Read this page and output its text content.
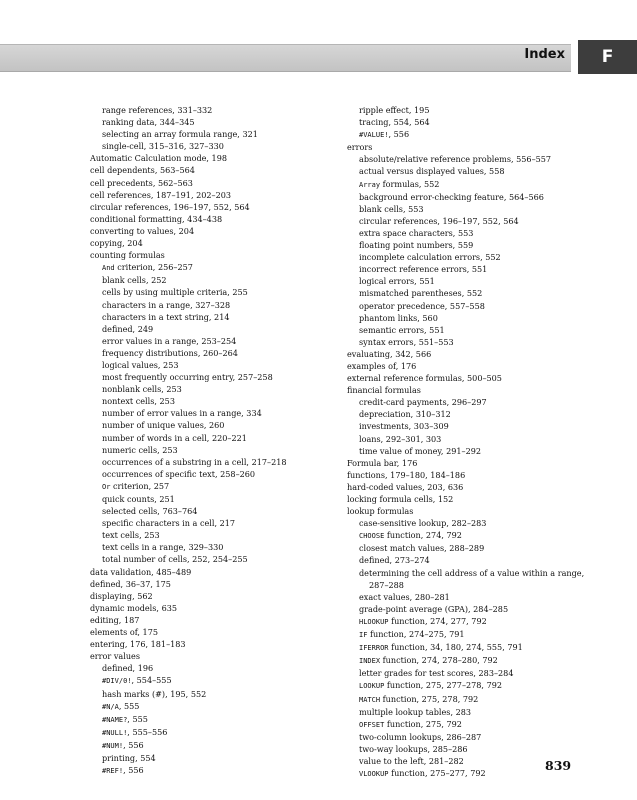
Index F
range references, 331–332
ranking data, 344–345
selecting an array formula range, 321
single-cell, 315–316, 327–330
Automatic Calculation mode, 198
cell dependents, 563–564
cell precedents, 562–563
cell references, 187–191, 202–203
circular references, 196–197, 552, 564
conditional formatting, 434–438
converting to values, 204
copying, 204
counting formulas
And criterion, 256–257
blank cells, 252
cells by using multiple criteria, 255
characters in a range, 327–328
characters in a text string, 214
defined, 249
error values in a range, 253–254
frequency distributions, 260–264
logical values, 253
most frequently occurring entry, 257–258
nonblank cells, 253
nontext cells, 253
number of error values in a range, 334
number of unique values, 260
number of words in a cell, 220–221
numeric cells, 253
occurrences of a substring in a cell, 217–218
occurrences of specific text, 258–260
Or criterion, 257
quick counts, 251
selected cells, 763–764
specific characters in a cell, 217
text cells, 253
text cells in a range, 329–330
total number of cells, 252, 254–255
data validation, 485–489
defined, 36–37, 175
displaying, 562
dynamic models, 635
editing, 187
elements of, 175
entering, 176, 181–183
error values
defined, 196
#DIV/0!, 554–555
hash marks (#), 195, 552
#N/A, 555
#NAME?, 555
#NULL!, 555–556
#NUM!, 556
printing, 554
#REF!, 556
ripple effect, 195
tracing, 554, 564
#VALUE!, 556
errors
absolute/relative reference problems, 556–557
actual versus displayed values, 558
Array formulas, 552
background error-checking feature, 564–566
blank cells, 553
circular references, 196–197, 552, 564
extra space characters, 553
floating point numbers, 559
incomplete calculation errors, 552
incorrect reference errors, 551
logical errors, 551
mismatched parentheses, 552
operator precedence, 557–558
phantom links, 560
semantic errors, 551
syntax errors, 551–553
evaluating, 342, 566
examples of, 176
external reference formulas, 500–505
financial formulas
credit-card payments, 296–297
depreciation, 310–312
investments, 303–309
loans, 292–301, 303
time value of money, 291–292
Formula bar, 176
functions, 179–180, 184–186
hard-coded values, 203, 636
locking formula cells, 152
lookup formulas
case-sensitive lookup, 282–283
CHOOSE function, 274, 792
closest match values, 288–289
defined, 273–274
determining the cell address of a value within a range,
287–288
exact values, 280–281
grade-point average (GPA), 284–285
HLOOKUP function, 274, 277, 792
IF function, 274–275, 791
IFERROR function, 34, 180, 274, 555, 791
INDEX function, 274, 278–280, 792
letter grades for test scores, 283–284
LOOKUP function, 275, 277–278, 792
MATCH function, 275, 278, 792
multiple lookup tables, 283
OFFSET function, 275, 792
two-column lookups, 286–287
two-way lookups, 285–286
value to the left, 281–282
VLOOKUP function, 275–277, 792
839
